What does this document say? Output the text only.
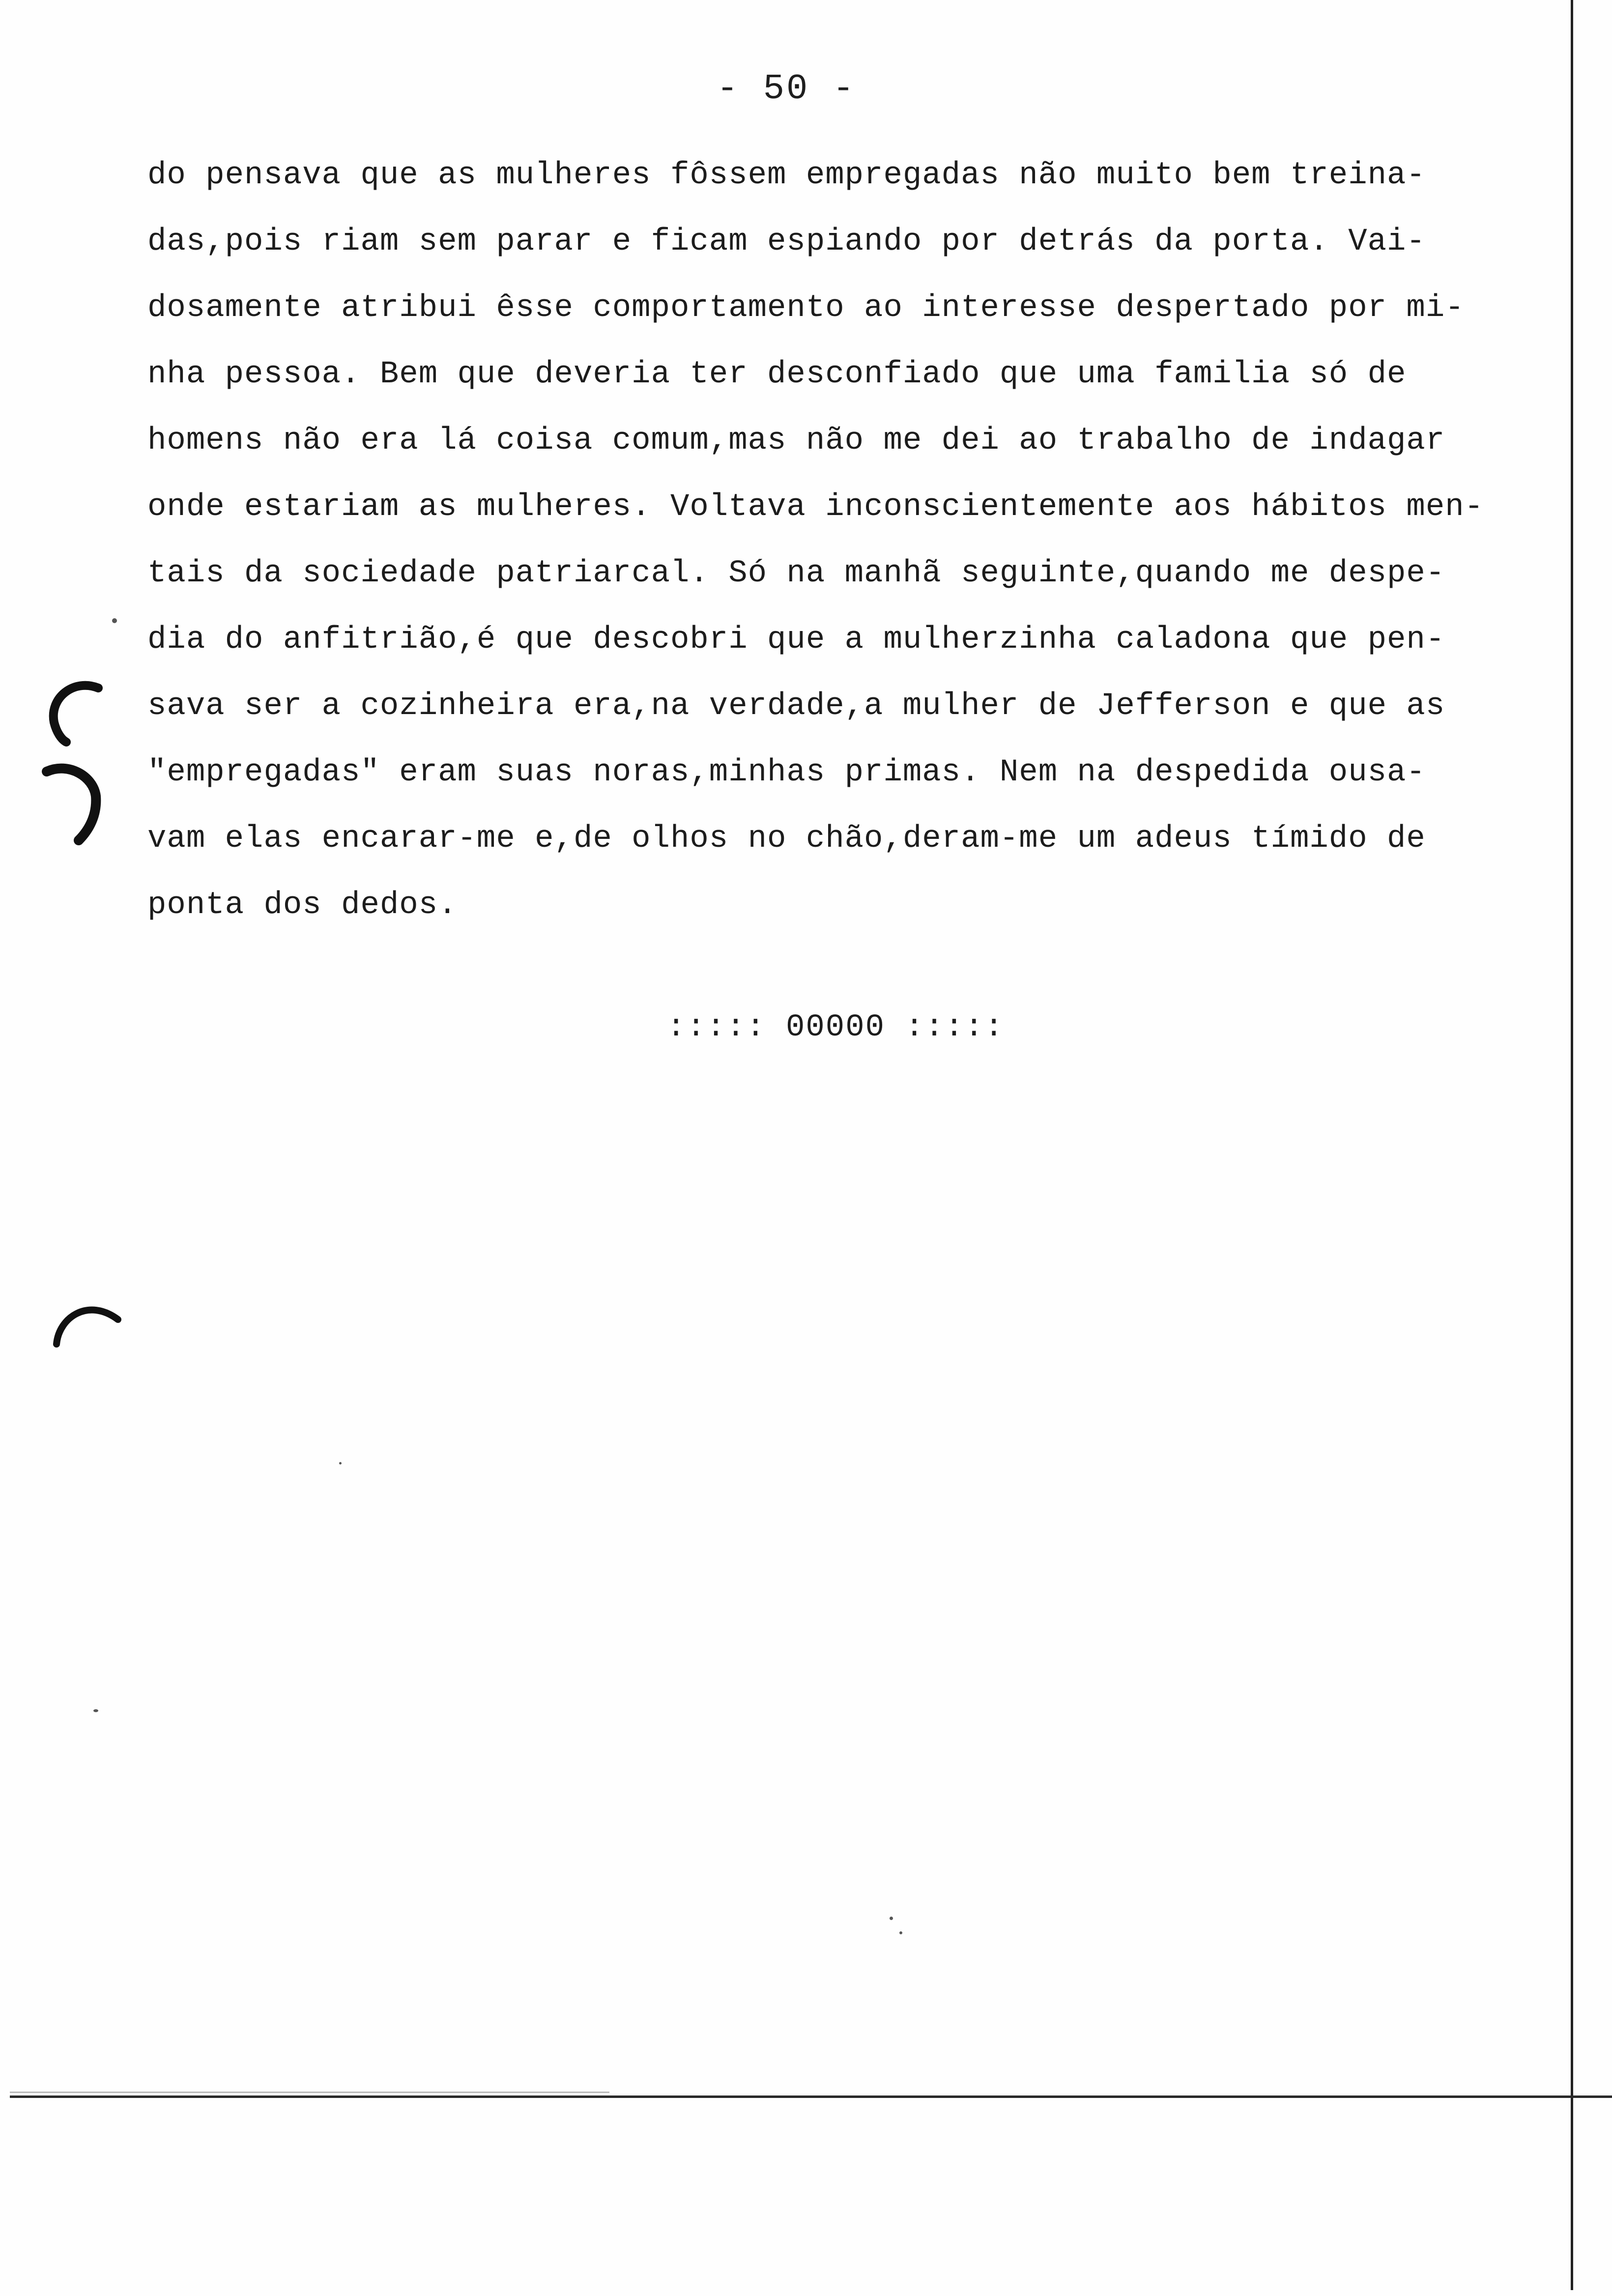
- 50 -
do pensava que as mulheres fôssem empregadas não muito bem treina-
das,pois riam sem parar e ficam espiando por detrás da porta. Vai-
dosamente atribui êsse comportamento ao interesse despertado por mi-
nha pessoa. Bem que deveria ter desconfiado que uma familia só de
homens não era lá coisa comum,mas não me dei ao trabalho de indagar
onde estariam as mulheres. Voltava inconscientemente aos hábitos men-
tais da sociedade patriarcal. Só na manhã seguinte,quando me despe-
dia do anfitrião,é que descobri que a mulherzinha caladona que pen-
sava ser a cozinheira era,na verdade,a mulher de Jefferson e que as
"empregadas" eram suas noras,minhas primas. Nem na despedida ousa-
vam elas encarar-me e,de olhos no chão,deram-me um adeus tímido de
ponta dos dedos.
::::: 00000 :::::
